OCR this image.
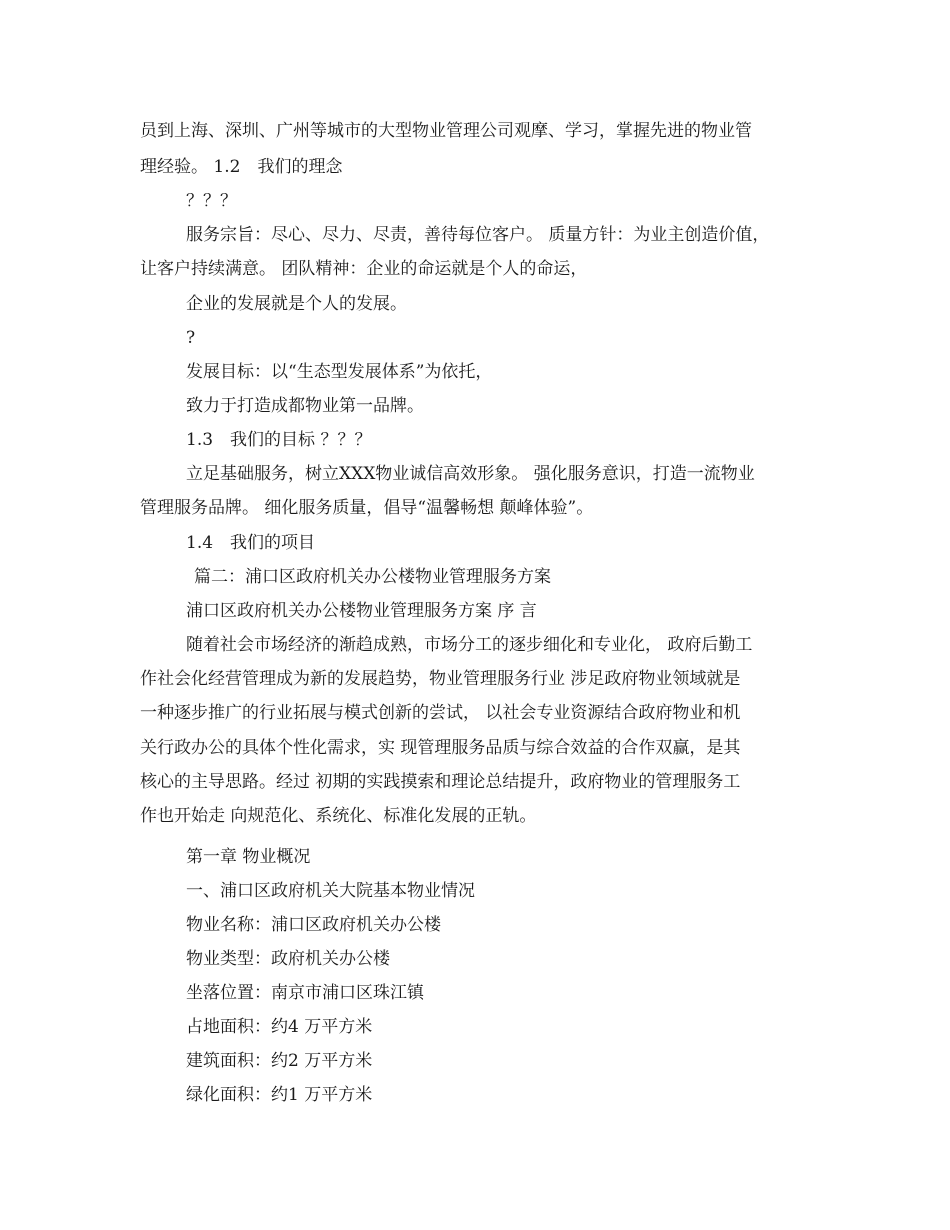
员到上海、深圳、广州等城市的大型物业管理公司观摩、学习，掌握先进的物业管

理经验。 1.2　我们的理念

？？？

服务宗旨：尽心、尽力、尽责，善待每位客户。 质量方针：为业主创造价值，

让客户持续满意。 团队精神：企业的命运就是个人的命运，

企业的发展就是个人的发展。

?

发展目标：以“生态型发展体系”为依托，

致力于打造成都物业第一品牌。

1.3　我们的目标 ？？？

立足基础服务，树立XXX物业诚信高效形象。 强化服务意识，打造一流物业

管理服务品牌。 细化服务质量，倡导“温馨畅想 颠峰体验”。

1.4　我们的项目

篇二：浦口区政府机关办公楼物业管理服务方案

浦口区政府机关办公楼物业管理服务方案 序 言

随着社会市场经济的渐趋成熟，市场分工的逐步细化和专业化， 政府后勤工

作社会化经营管理成为新的发展趋势，物业管理服务行业 涉足政府物业领域就是

一种逐步推广的行业拓展与模式创新的尝试， 以社会专业资源结合政府物业和机

关行政办公的具体个性化需求，实 现管理服务品质与综合效益的合作双赢，是其

核心的主导思路。经过 初期的实践摸索和理论总结提升，政府物业的管理服务工

作也开始走 向规范化、系统化、标准化发展的正轨。

第一章 物业概况

一、浦口区政府机关大院基本物业情况

物业名称：浦口区政府机关办公楼

物业类型：政府机关办公楼

坐落位置：南京市浦口区珠江镇

占地面积：约4 万平方米

建筑面积：约2 万平方米

绿化面积：约1 万平方米
